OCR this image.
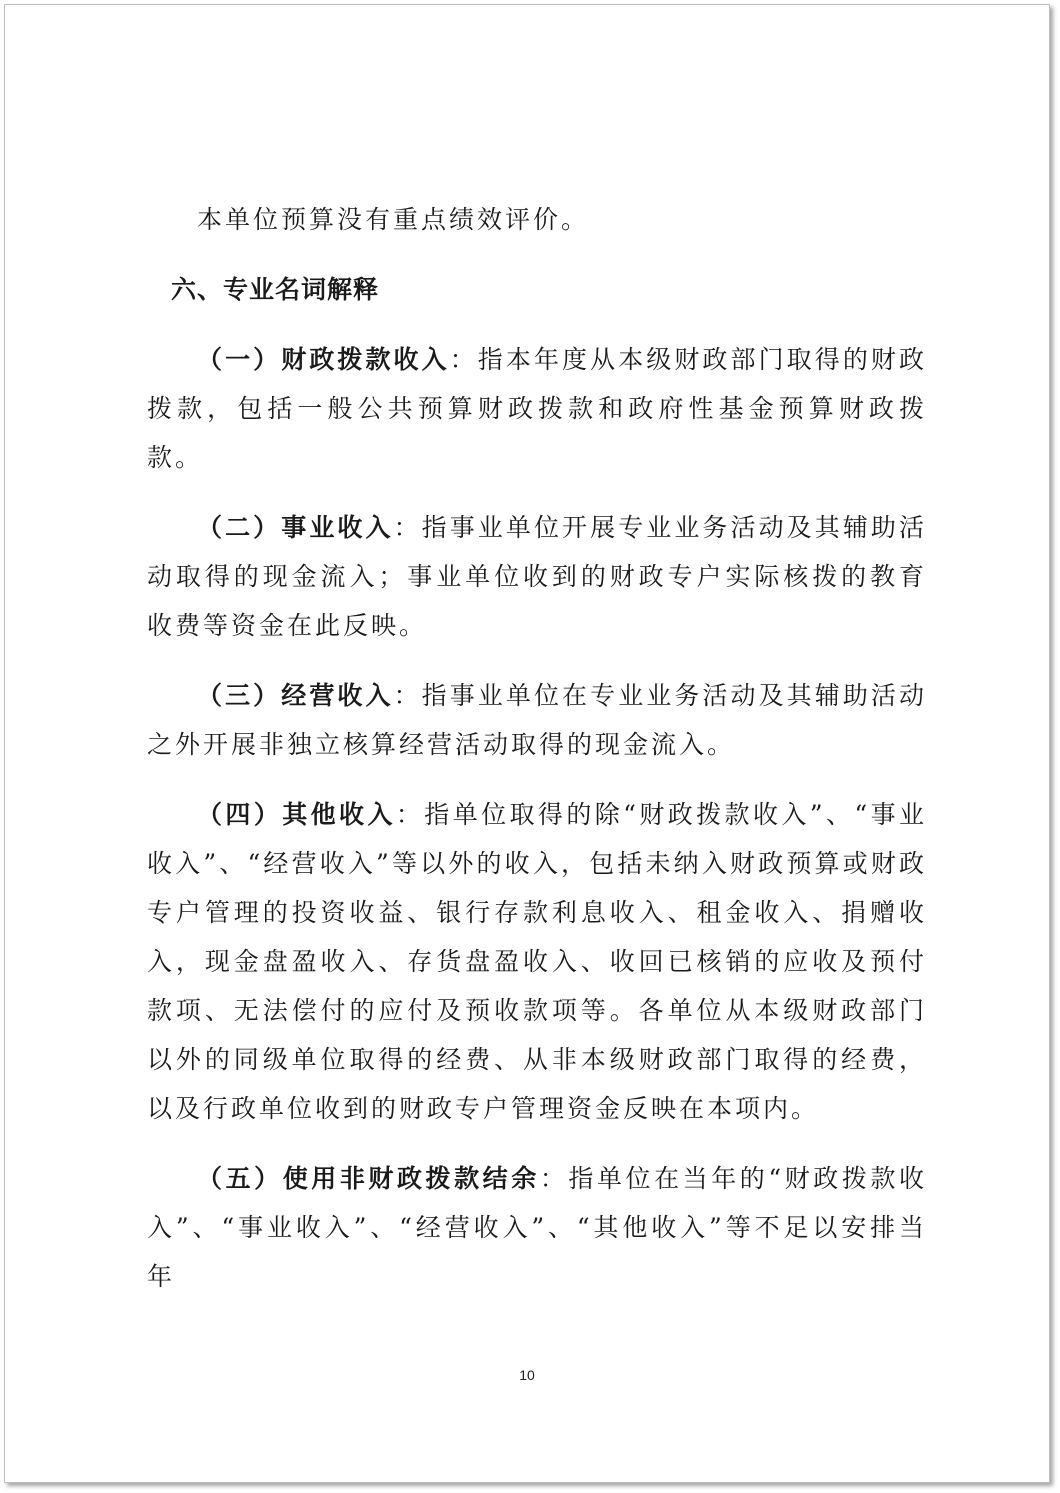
本单位预算没有重点绩效评价。

六、专业名词解释

（一）财政拨款收入：指本年度从本级财政部门取得的财政拨款，包括一般公共预算财政拨款和政府性基金预算财政拨款。

（二）事业收入：指事业单位开展专业业务活动及其辅助活动取得的现金流入；事业单位收到的财政专户实际核拨的教育收费等资金在此反映。

（三）经营收入：指事业单位在专业业务活动及其辅助活动之外开展非独立核算经营活动取得的现金流入。

（四）其他收入：指单位取得的除“财政拨款收入”、“事业收入”、“经营收入”等以外的收入，包括未纳入财政预算或财政专户管理的投资收益、银行存款利息收入、租金收入、捐赠收入，现金盘盈收入、存货盘盈收入、收回已核销的应收及预付款项、无法偿付的应付及预收款项等。各单位从本级财政部门以外的同级单位取得的经费、从非本级财政部门取得的经费，以及行政单位收到的财政专户管理资金反映在本项内。

（五）使用非财政拨款结余：指单位在当年的“财政拨款收入”、“事业收入”、“经营收入”、“其他收入”等不足以安排当年

10
